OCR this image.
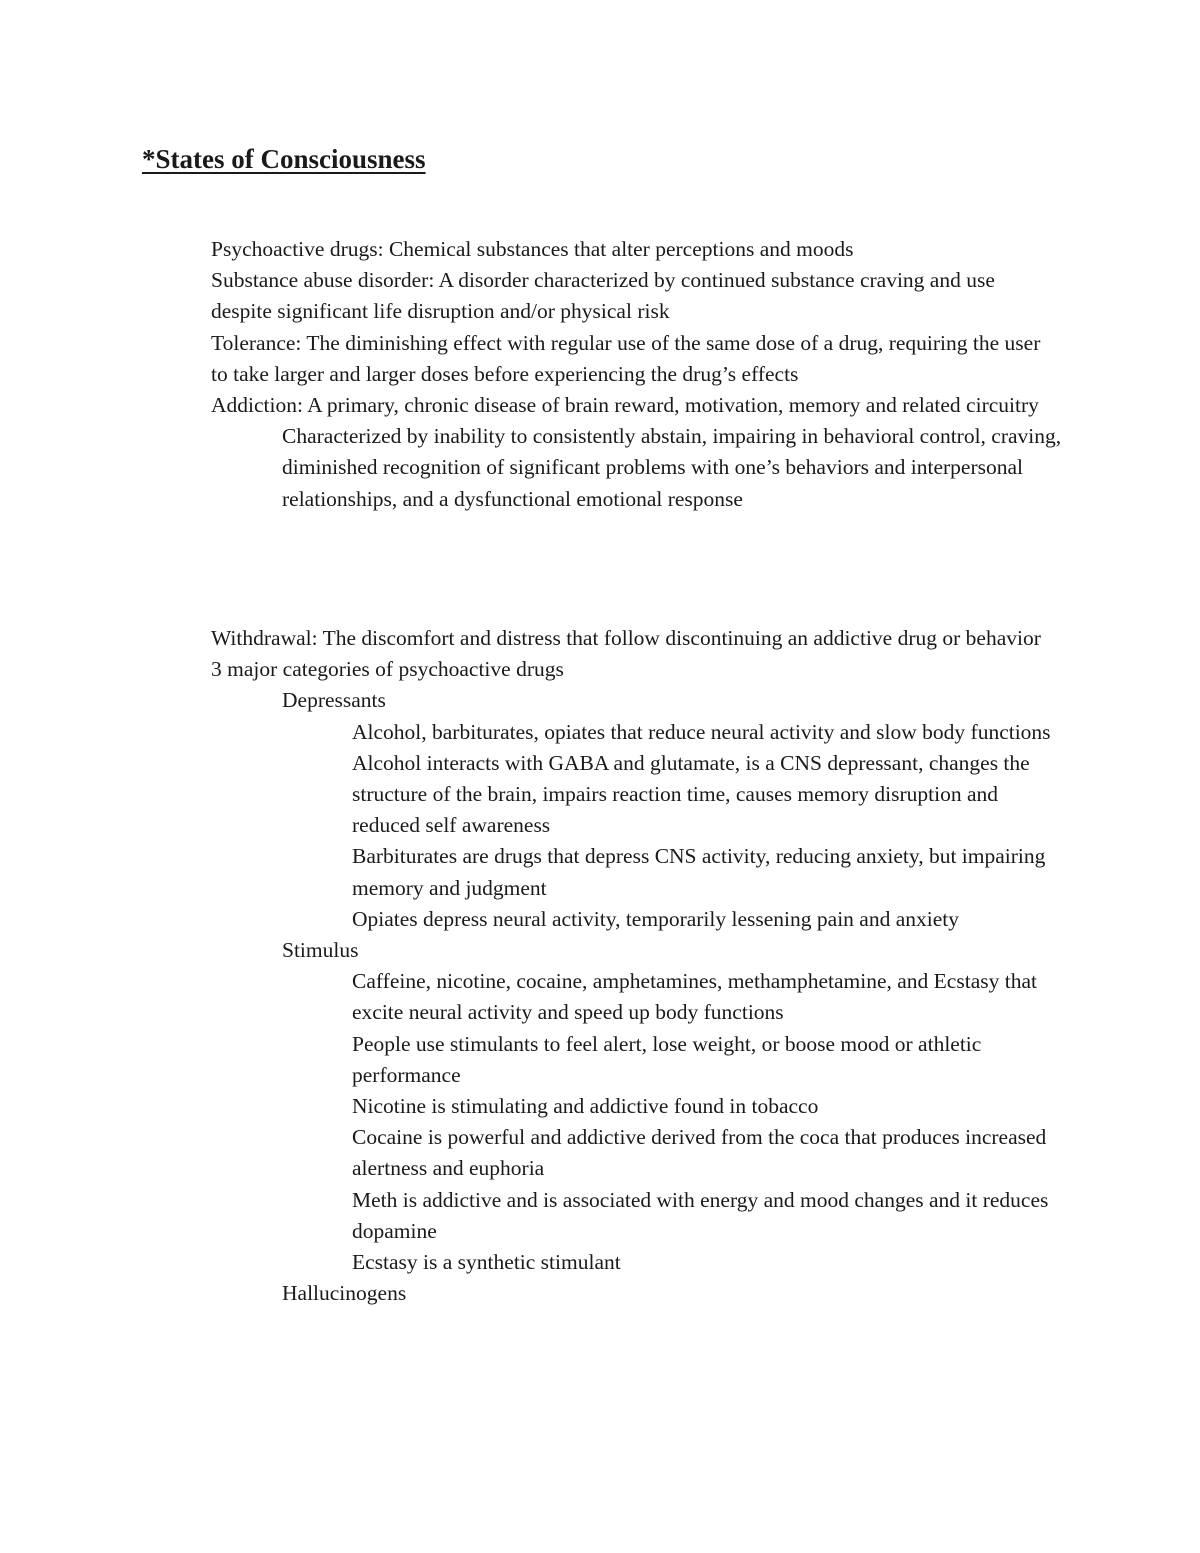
*States of Consciousness
Psychoactive drugs: Chemical substances that alter perceptions and moods
Substance abuse disorder: A disorder characterized by continued substance craving and use despite significant life disruption and/or physical risk
Tolerance: The diminishing effect with regular use of the same dose of a drug, requiring the user to take larger and larger doses before experiencing the drug’s effects
Addiction: A primary, chronic disease of brain reward, motivation, memory and related circuitry
Characterized by inability to consistently abstain, impairing in behavioral control, craving, diminished recognition of significant problems with one’s behaviors and interpersonal relationships, and a dysfunctional emotional response
Withdrawal: The discomfort and distress that follow discontinuing an addictive drug or behavior
3 major categories of psychoactive drugs
Depressants
Alcohol, barbiturates, opiates that reduce neural activity and slow body functions
Alcohol interacts with GABA and glutamate, is a CNS depressant, changes the structure of the brain, impairs reaction time, causes memory disruption and reduced self awareness
Barbiturates are drugs that depress CNS activity, reducing anxiety, but impairing memory and judgment
Opiates depress neural activity, temporarily lessening pain and anxiety
Stimulus
Caffeine, nicotine, cocaine, amphetamines, methamphetamine, and Ecstasy that excite neural activity and speed up body functions
People use stimulants to feel alert, lose weight, or boose mood or athletic performance
Nicotine is stimulating and addictive found in tobacco
Cocaine is powerful and addictive derived from the coca that produces increased alertness and euphoria
Meth is addictive and is associated with energy and mood changes and it reduces dopamine
Ecstasy is a synthetic stimulant
Hallucinogens
